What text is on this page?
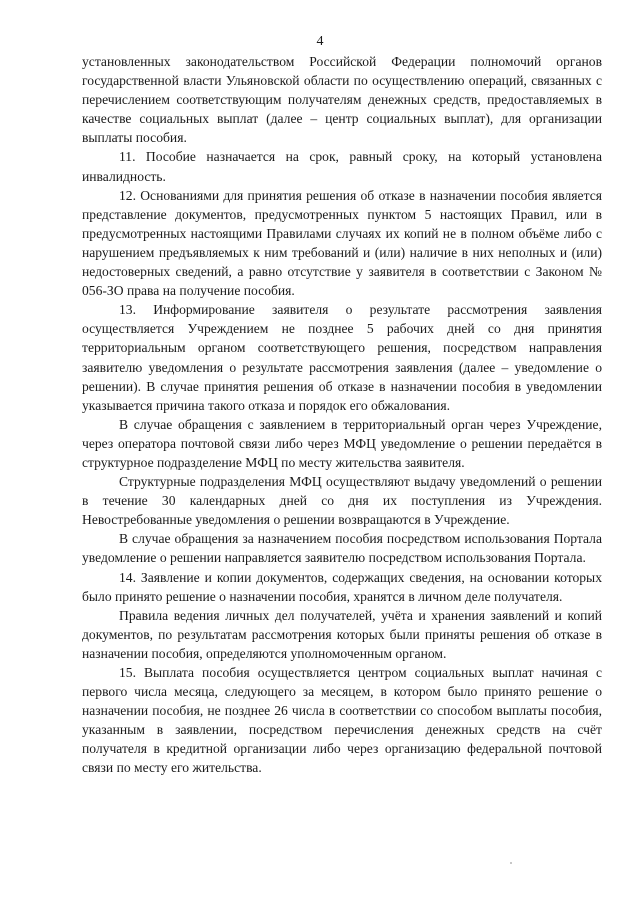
4

установленных законодательством Российской Федерации полномочий органов государственной власти Ульяновской области по осуществлению операций, связанных с перечислением соответствующим получателям денежных средств, предоставляемых в качестве социальных выплат (далее – центр социальных выплат), для организации выплаты пособия.

11. Пособие назначается на срок, равный сроку, на который установлена инвалидность.

12. Основаниями для принятия решения об отказе в назначении пособия является представление документов, предусмотренных пунктом 5 настоящих Правил, или в предусмотренных настоящими Правилами случаях их копий не в полном объёме либо с нарушением предъявляемых к ним требований и (или) наличие в них неполных и (или) недостоверных сведений, а равно отсутствие у заявителя в соответствии с Законом № 056-ЗО права на получение пособия.

13. Информирование заявителя о результате рассмотрения заявления осуществляется Учреждением не позднее 5 рабочих дней со дня принятия территориальным органом соответствующего решения, посредством направления заявителю уведомления о результате рассмотрения заявления (далее – уведомление о решении). В случае принятия решения об отказе в назначении пособия в уведомлении указывается причина такого отказа и порядок его обжалования.

В случае обращения с заявлением в территориальный орган через Учреждение, через оператора почтовой связи либо через МФЦ уведомление о решении передаётся в структурное подразделение МФЦ по месту жительства заявителя.

Структурные подразделения МФЦ осуществляют выдачу уведомлений о решении в течение 30 календарных дней со дня их поступления из Учреждения. Невостребованные уведомления о решении возвращаются в Учреждение.

В случае обращения за назначением пособия посредством использования Портала уведомление о решении направляется заявителю посредством использования Портала.

14. Заявление и копии документов, содержащих сведения, на основании которых было принято решение о назначении пособия, хранятся в личном деле получателя.

Правила ведения личных дел получателей, учёта и хранения заявлений и копий документов, по результатам рассмотрения которых были приняты решения об отказе в назначении пособия, определяются уполномоченным органом.

15. Выплата пособия осуществляется центром социальных выплат начиная с первого числа месяца, следующего за месяцем, в котором было принято решение о назначении пособия, не позднее 26 числа в соответствии со способом выплаты пособия, указанным в заявлении, посредством перечисления денежных средств на счёт получателя в кредитной организации либо через организацию федеральной почтовой связи по месту его жительства.
